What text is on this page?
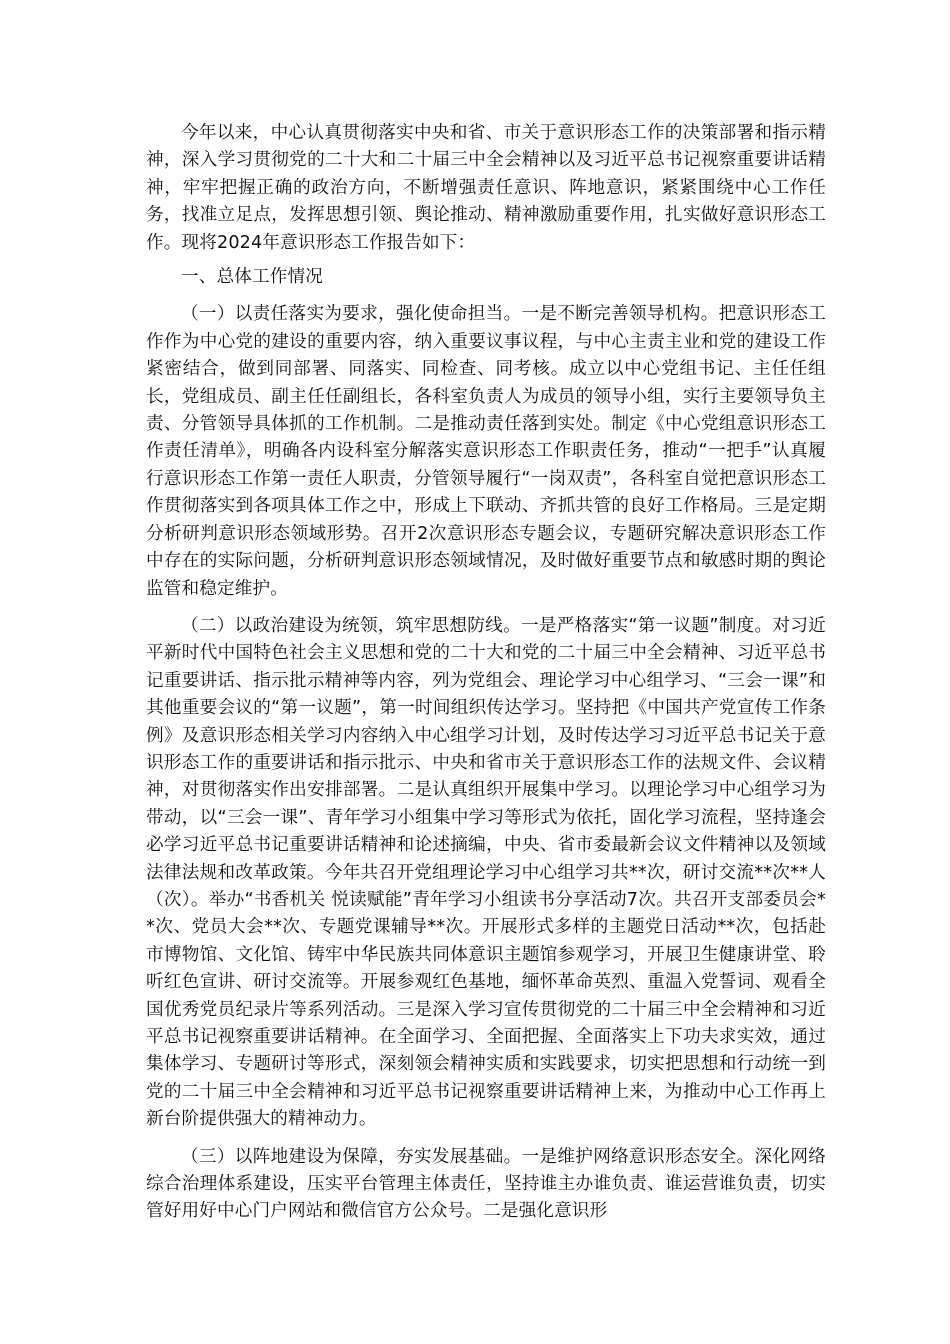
今年以来，中心认真贯彻落实中央和省、市关于意识形态工作的决策部署和指示精神，深入学习贯彻党的二十大和二十届三中全会精神以及习近平总书记视察重要讲话精神，牢牢把握正确的政治方向，不断增强责任意识、阵地意识，紧紧围绕中心工作任务，找准立足点，发挥思想引领、舆论推动、精神激励重要作用，扎实做好意识形态工作。现将2024年意识形态工作报告如下：

一、总体工作情况

（一）以责任落实为要求，强化使命担当。一是不断完善领导机构。把意识形态工作作为中心党的建设的重要内容，纳入重要议事议程，与中心主责主业和党的建设工作紧密结合，做到同部署、同落实、同检查、同考核。成立以中心党组书记、主任任组长，党组成员、副主任任副组长，各科室负责人为成员的领导小组，实行主要领导负主责、分管领导具体抓的工作机制。二是推动责任落到实处。制定《中心党组意识形态工作责任清单》，明确各内设科室分解落实意识形态工作职责任务，推动“一把手”认真履行意识形态工作第一责任人职责，分管领导履行“一岗双责”，各科室自觉把意识形态工作贯彻落实到各项具体工作之中，形成上下联动、齐抓共管的良好工作格局。三是定期分析研判意识形态领域形势。召开2次意识形态专题会议，专题研究解决意识形态工作中存在的实际问题，分析研判意识形态领域情况，及时做好重要节点和敏感时期的舆论监管和稳定维护。

（二）以政治建设为统领，筑牢思想防线。一是严格落实“第一议题”制度。对习近平新时代中国特色社会主义思想和党的二十大和党的二十届三中全会精神、习近平总书记重要讲话、指示批示精神等内容，列为党组会、理论学习中心组学习、“三会一课”和其他重要会议的“第一议题”，第一时间组织传达学习。坚持把《中国共产党宣传工作条例》及意识形态相关学习内容纳入中心组学习计划，及时传达学习习近平总书记关于意识形态工作的重要讲话和指示批示、中央和省市关于意识形态工作的法规文件、会议精神，对贯彻落实作出安排部署。二是认真组织开展集中学习。以理论学习中心组学习为带动，以“三会一课”、青年学习小组集中学习等形式为依托，固化学习流程，坚持逢会必学习近平总书记重要讲话精神和论述摘编，中央、省市委最新会议文件精神以及领域法律法规和改革政策。今年共召开党组理论学习中心组学习共**次，研讨交流**次**人（次）。举办“书香机关 悦读赋能”青年学习小组读书分享活动7次。共召开支部委员会**次、党员大会**次、专题党课辅导**次。开展形式多样的主题党日活动**次，包括赴市博物馆、文化馆、铸牢中华民族共同体意识主题馆参观学习，开展卫生健康讲堂、聆听红色宣讲、研讨交流等。开展参观红色基地，缅怀革命英烈、重温入党誓词、观看全国优秀党员纪录片等系列活动。三是深入学习宣传贯彻党的二十届三中全会精神和习近平总书记视察重要讲话精神。在全面学习、全面把握、全面落实上下功夫求实效，通过集体学习、专题研讨等形式，深刻领会精神实质和实践要求，切实把思想和行动统一到党的二十届三中全会精神和习近平总书记视察重要讲话精神上来，为推动中心工作再上新台阶提供强大的精神动力。

（三）以阵地建设为保障，夯实发展基础。一是维护网络意识形态安全。深化网络综合治理体系建设，压实平台管理主体责任，坚持谁主办谁负责、谁运营谁负责，切实管好用好中心门户网站和微信官方公众号。二是强化意识形
